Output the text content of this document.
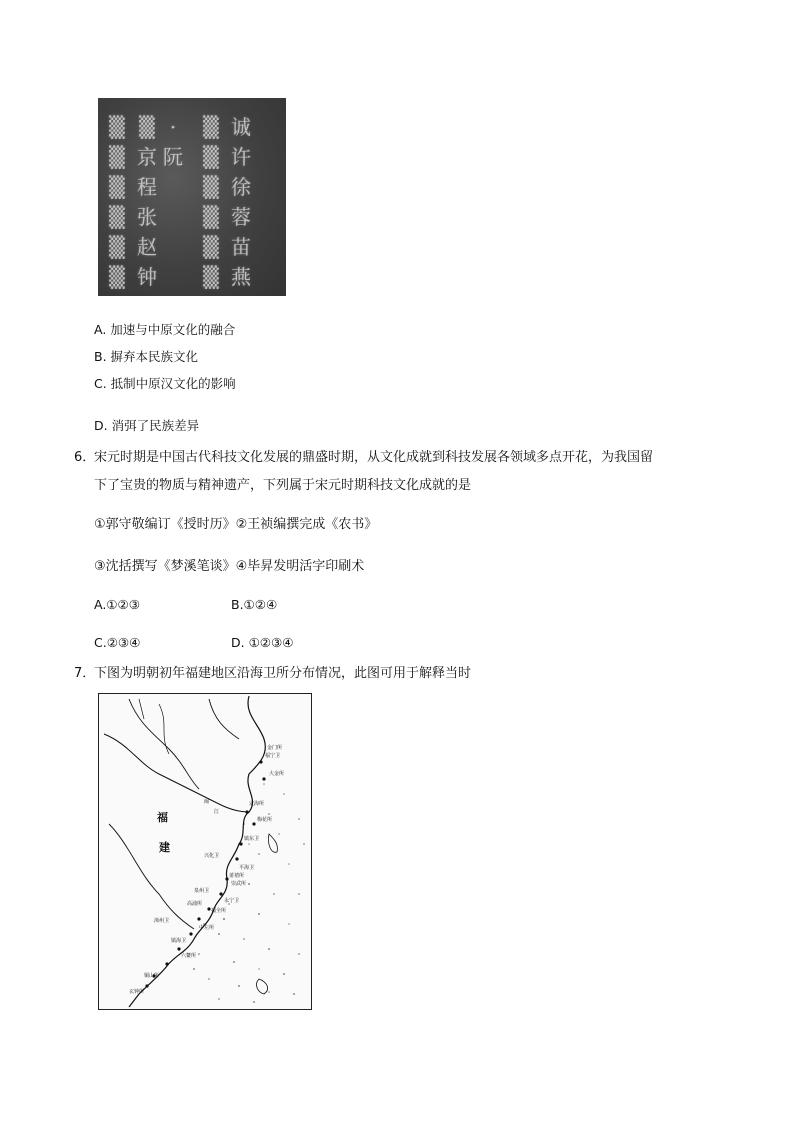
▒
▒
▒
▒
▒
▒
▒
京
程
张
赵
钟
·
阮
▒
▒
▒
▒
▒
▒
诚
许
徐
蓉
苗
燕
A. 加速与中原文化的融合
B. 摒弃本民族文化
C. 抵制中原汉文化的影响
D. 消弭了民族差异
6．
宋元时期是中国古代科技文化发展的鼎盛时期，从文化成就到科技发展各领域多点开花，为我国留
下了宝贵的物质与精神遗产，下列属于宋元时期科技文化成就的是
①郭守敬编订《授时历》②王祯编撰完成《农书》
③沈括撰写《梦溪笔谈》④毕昇发明活字印刷术
A.①②③	B.①②④
C.②③④	D. ①②③④
7．
下图为明朝初年福建地区沿海卫所分布情况，此图可用于解释当时
福
建
闽
江
福宁卫
大金所
定海所
梅花所
镇东卫
兴化卫
平海卫
莆禧所
泉州卫
永宁卫
福全所
漳州卫
镇海卫
六鳌所
铜山所
玄钟所
崇武所
中左所
高浦所
金门所
